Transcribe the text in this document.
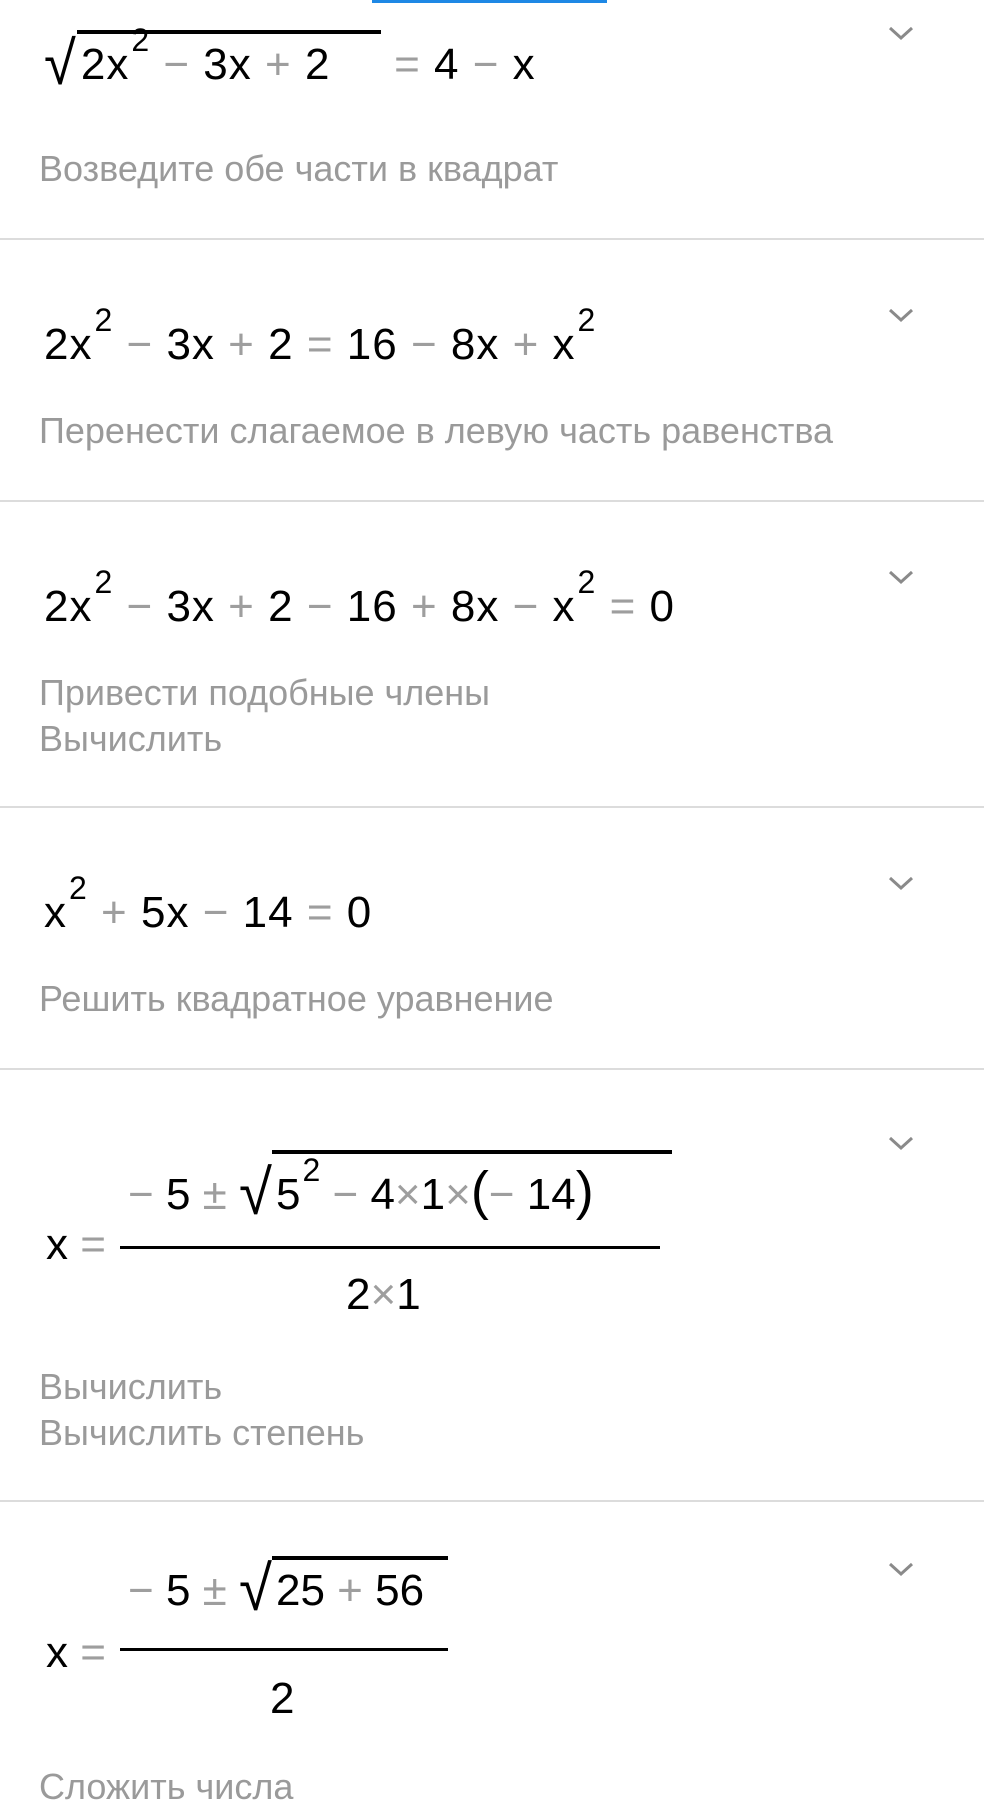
$√2x^2 - 3x + 2 = 4 - x$
Возведите обе части в квадрат
$2x^2 - 3x + 2 = 16 - 8x + x^2$
Перенести слагаемое в левую часть равенства
$2x^2 - 3x + 2 - 16 + 8x - x^2 = 0$
Привести подобные члены
Вычислить
$x^2 + 5x - 14 = 0$
Решить квадратное уравнение
x =
− $5 \pm √5^2 - 4\times 1\times(- 14)$
2×1
Вычислить
Вычислить степень
x =
− 5 ± √25 + 56
2
Сложить числа
